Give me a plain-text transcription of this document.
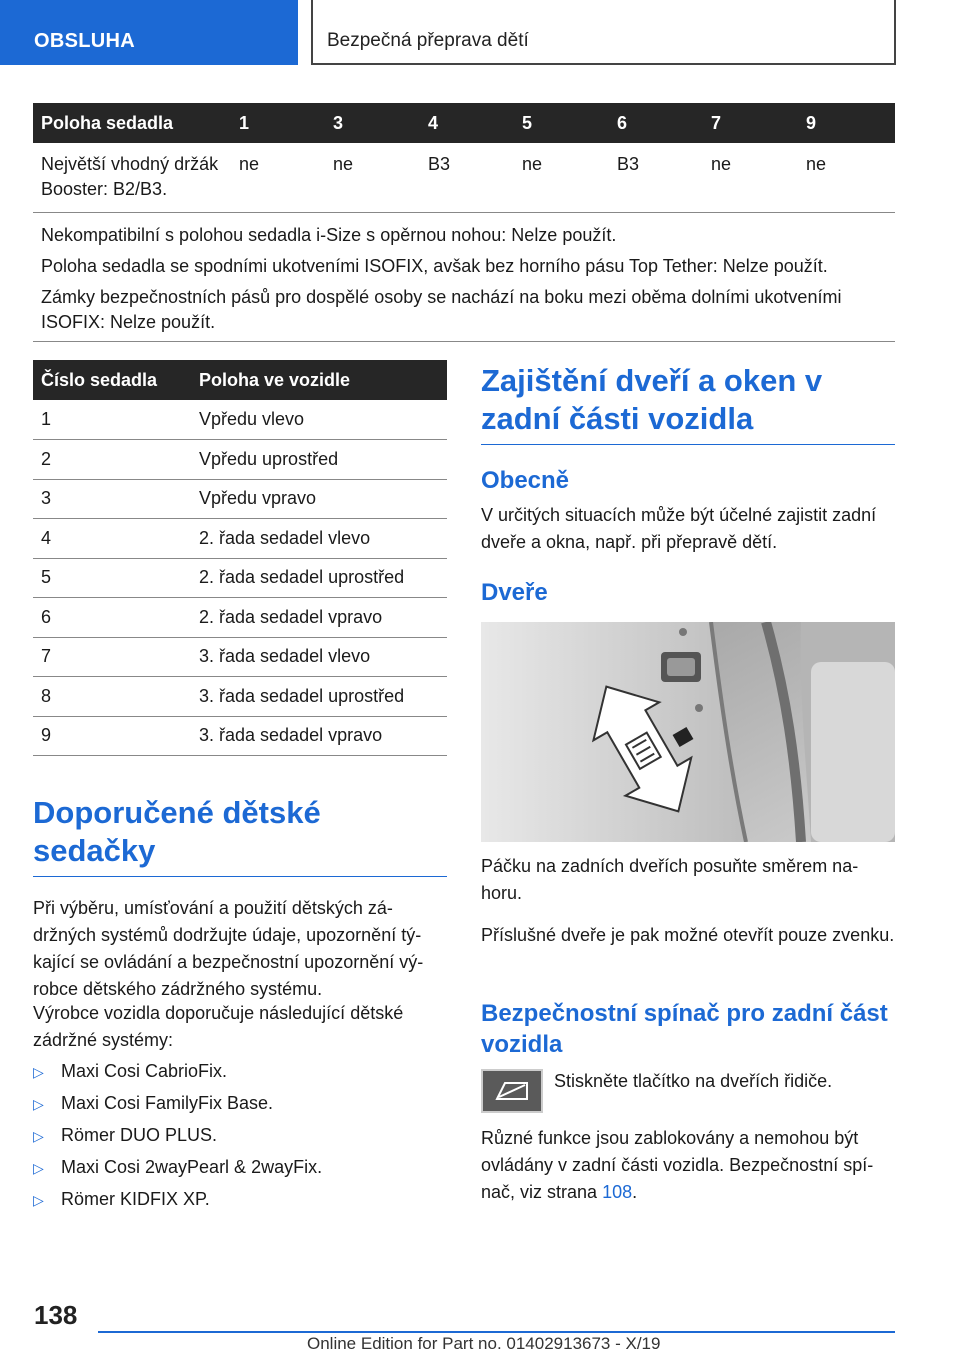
OBSLUHA	Bezpečná přeprava dětí
Poloha sedadla	1	3	4	5	6	7	9
Největší vhodný držák Booster: B2/B3.	ne	ne	B3	ne	B3	ne	ne

Nekompatibilní s polohou sedadla i-Size s opěrnou nohou: Nelze použít.

Poloha sedadla se spodními ukotveními ISOFIX, avšak bez horního pásu Top Tether: Nelze použít.

Zámky bezpečnostních pásů pro dospělé osoby se nachází na boku mezi oběma dolními ukotveními ISOFIX: Nelze použít.							

Číslo sedadla	Poloha ve vozidle
1	Vpředu vlevo
2	Vpředu uprostřed
3	Vpředu vpravo
4	2. řada sedadel vlevo
5	2. řada sedadel uprostřed
6	2. řada sedadel vpravo
7	3. řada sedadel vlevo
8	3. řada sedadel uprostřed
9	3. řada sedadel vpravo
Doporučené dětské sedačky
Při výběru, umísťování a použití dětských zá-držných systémů dodržujte údaje, upozornění tý-kající se ovládání a bezpečnostní upozornění vý-robce dětského zádržného systému.
Výrobce vozidla doporučuje následující dětské zádržné systémy:
▷ Maxi Cosi CabrioFix.
▷ Maxi Cosi FamilyFix Base.
▷ Römer DUO PLUS.
▷ Maxi Cosi 2wayPearl & 2wayFix.
▷ Römer KIDFIX XP.
Zajištění dveří a oken v zadní části vozidla
Obecně
V určitých situacích může být účelné zajistit zadní dveře a okna, např. při přepravě dětí.
Dveře
Páčku na zadních dveřích posuňte směrem na-horu.
Příslušné dveře je pak možné otevřít pouze zvenku.
Bezpečnostní spínač pro zadní část vozidla
Stiskněte tlačítko na dveřích řidiče.
Různé funkce jsou zablokovány a nemohou být ovládány v zadní části vozidla. Bezpečnostní spí-nač, viz strana 108.
138
Online Edition for Part no. 01402913673 - X/19
